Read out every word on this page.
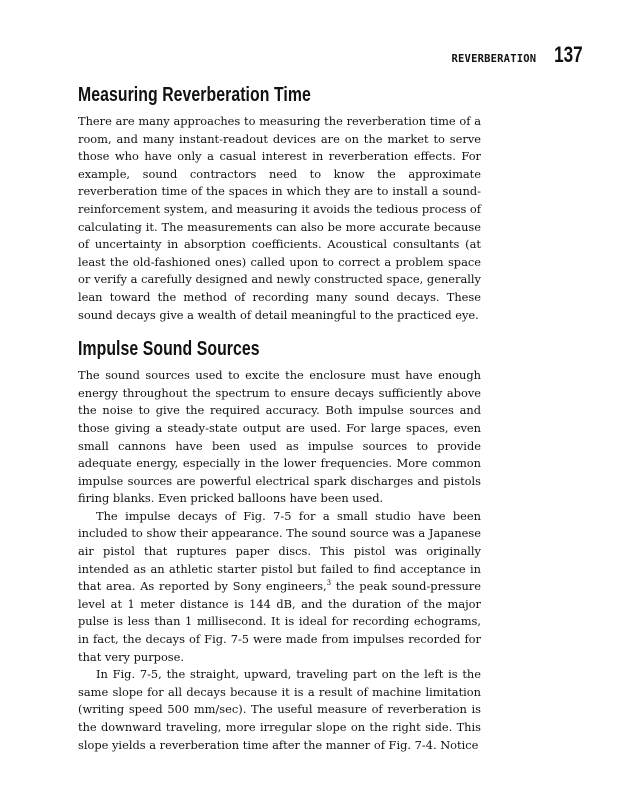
REVERBERATION 137
Measuring Reverberation Time

There are many approaches to measuring the reverberation time of a room, and many instant-readout devices are on the market to serve those who have only a casual interest in reverberation effects. For example, sound contractors need to know the approximate reverberation time of the spaces in which they are to install a sound-reinforcement system, and measuring it avoids the tedious process of calculating it. The measurements can also be more accurate because of uncertainty in absorption coefficients. Acoustical consultants (at least the old-fashioned ones) called upon to correct a problem space or verify a carefully designed and newly constructed space, generally lean toward the method of recording many sound decays. These sound decays give a wealth of detail meaningful to the practiced eye.

Impulse Sound Sources

The sound sources used to excite the enclosure must have enough energy throughout the spectrum to ensure decays sufficiently above the noise to give the required accuracy. Both impulse sources and those giving a steady-state output are used. For large spaces, even small cannons have been used as impulse sources to provide adequate energy, especially in the lower frequencies. More common impulse sources are powerful electrical spark discharges and pistols firing blanks. Even pricked balloons have been used.

The impulse decays of Fig. 7-5 for a small studio have been included to show their appearance. The sound source was a Japanese air pistol that ruptures paper discs. This pistol was originally intended as an athletic starter pistol but failed to find acceptance in that area. As reported by Sony engineers,$^3$ the peak sound-pressure level at 1 meter distance is 144 dB, and the duration of the major pulse is less than 1 millisecond. It is ideal for recording echograms, in fact, the decays of Fig. 7-5 were made from impulses recorded for that very purpose.

In Fig. 7-5, the straight, upward, traveling part on the left is the same slope for all decays because it is a result of machine limitation (writing speed 500 mm/sec). The useful measure of reverberation is the downward traveling, more irregular slope on the right side. This slope yields a reverberation time after the manner of Fig. 7-4. Notice
